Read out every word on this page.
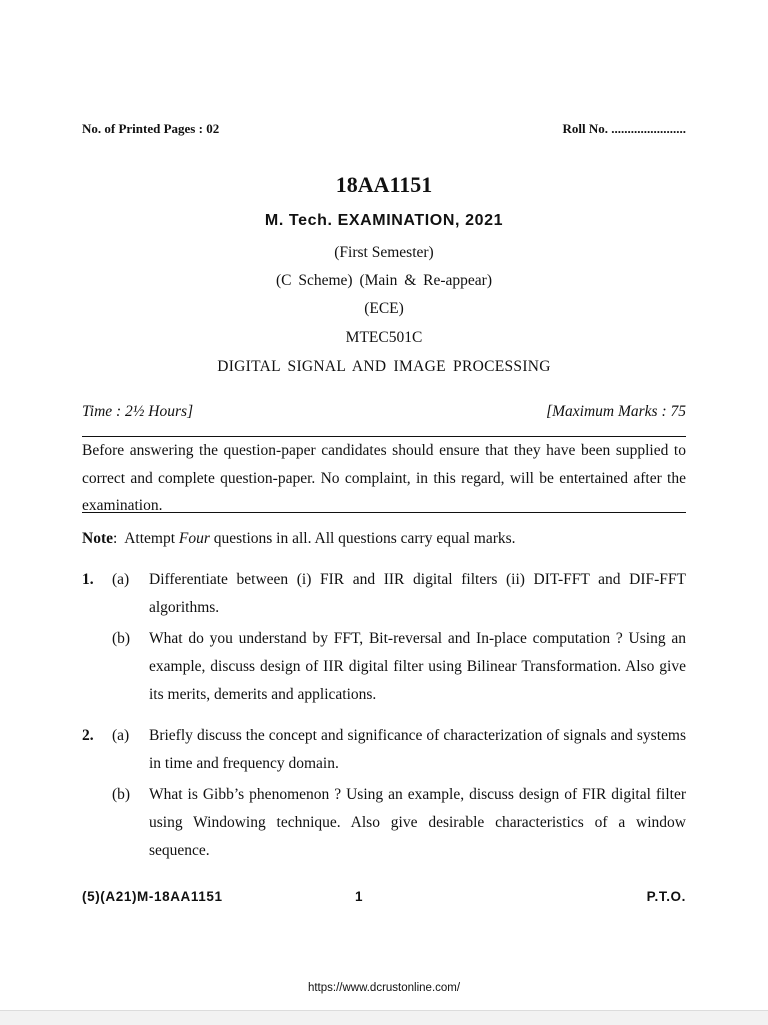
No. of Printed Pages : 02	Roll No. .......................
18AA1151
M. Tech. EXAMINATION, 2021
(First Semester)
(C Scheme) (Main & Re-appear)
(ECE)
MTEC501C
DIGITAL SIGNAL AND IMAGE PROCESSING
Time : 2½ Hours]	[Maximum Marks : 75
Before answering the question-paper candidates should ensure that they have been supplied to correct and complete question-paper. No complaint, in this regard, will be entertained after the examination.
Note:  Attempt Four questions in all. All questions carry equal marks.
1. (a) Differentiate between (i) FIR and IIR digital filters (ii) DIT-FFT and DIF-FFT algorithms.
(b) What do you understand by FFT, Bit-reversal and In-place computation ? Using an example, discuss design of IIR digital filter using Bilinear Transformation. Also give its merits, demerits and applications.
2. (a) Briefly discuss the concept and significance of characterization of signals and systems in time and frequency domain.
(b) What is Gibb’s phenomenon ? Using an example, discuss design of FIR digital filter using Windowing technique. Also give desirable characteristics of a window sequence.
(5)(A21)M-18AA1151	1	P.T.O.
https://www.dcrustonline.com/
